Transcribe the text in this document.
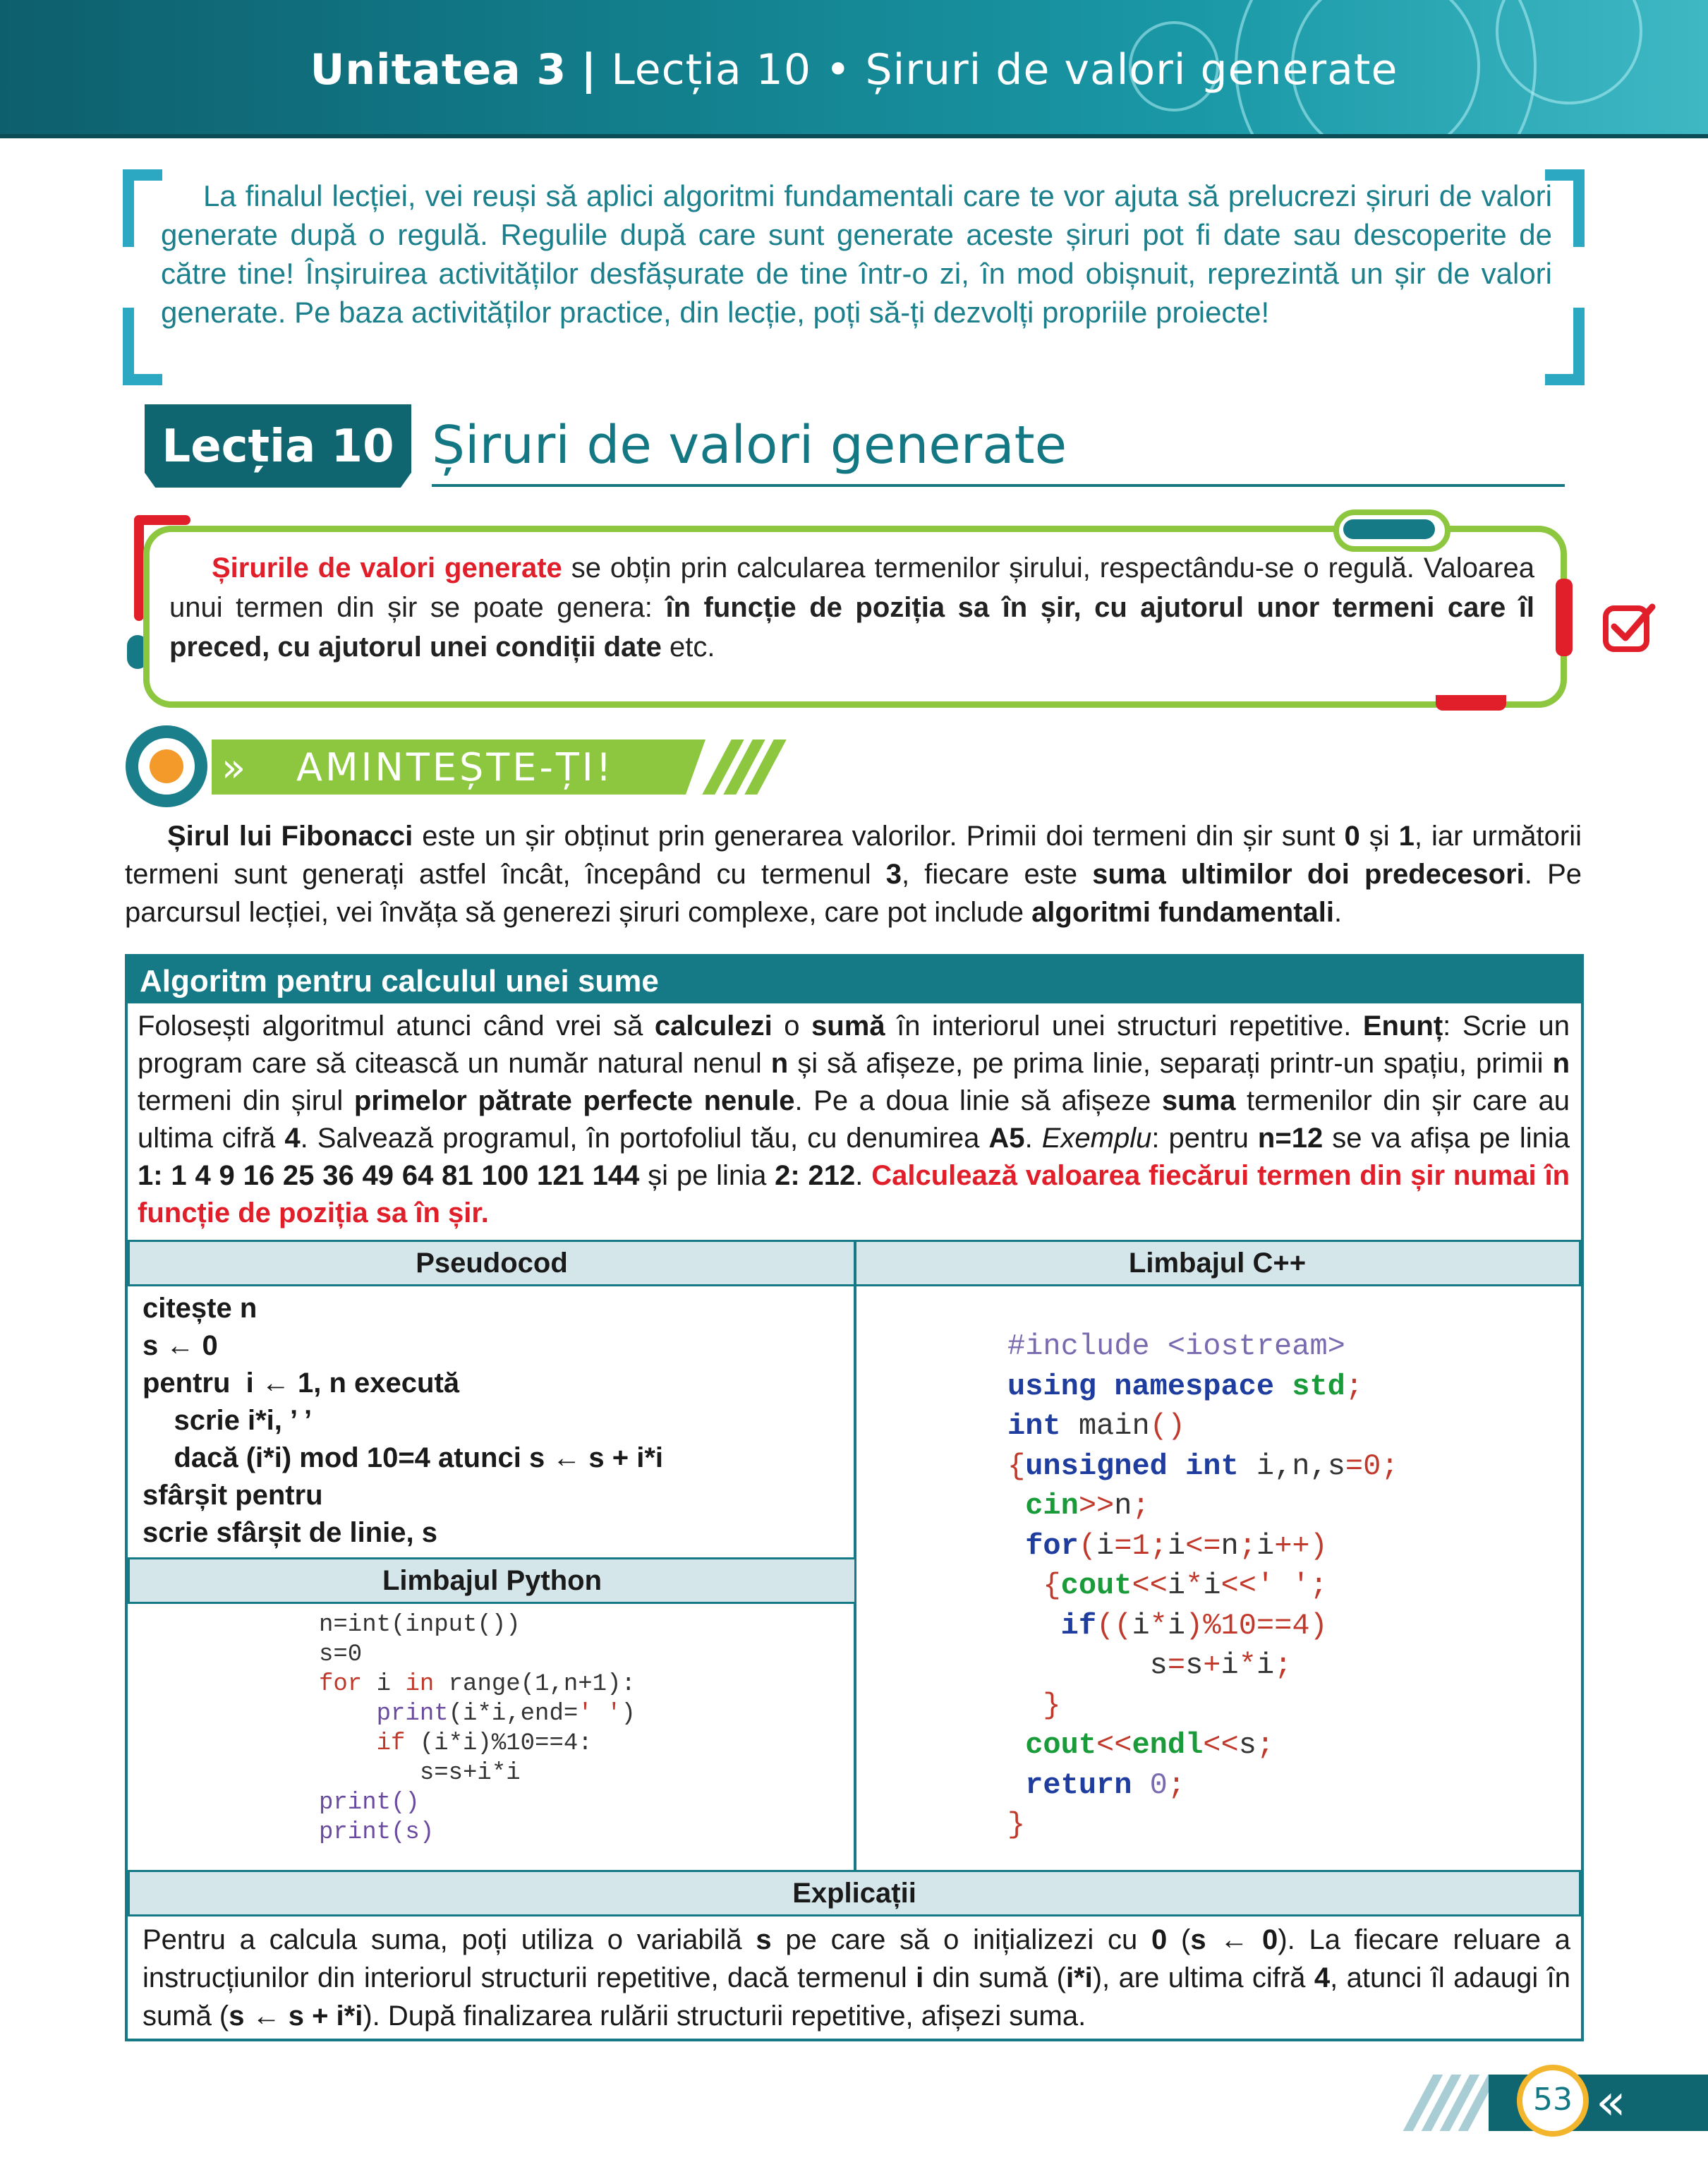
Unitatea 3 | Lecția 10 • Șiruri de valori generate
La finalul lecției, vei reuși să aplici algoritmi fundamentali care te vor ajuta să prelucrezi șiruri de valori generate după o regulă. Regulile după care sunt generate aceste șiruri pot fi date sau descoperite de către tine! Înșiruirea activităților desfășurate de tine într-o zi, în mod obișnuit, reprezintă un șir de valori generate. Pe baza activităților practice, din lecție, poți să-ți dezvolți propriile proiecte!
Lecția 10 Șiruri de valori generate
Șirurile de valori generate se obțin prin calcularea termenilor șirului, respectându-se o regulă. Valoarea unui termen din șir se poate genera: în funcție de poziția sa în șir, cu ajutorul unor termeni care îl preced, cu ajutorul unei condiții date etc.
» AMINTEȘTE-ȚI!
Șirul lui Fibonacci este un șir obținut prin generarea valorilor. Primii doi termeni din șir sunt 0 și 1, iar următorii termeni sunt generați astfel încât, începând cu termenul 3, fiecare este suma ultimilor doi predecesori. Pe parcursul lecției, vei învăța să generezi șiruri complexe, care pot include algoritmi fundamentali.
Algoritm pentru calculul unei sume
Folosești algoritmul atunci când vrei să calculezi o sumă în interiorul unei structuri repetitive. Enunț: Scrie un program care să citească un număr natural nenul n și să afișeze, pe prima linie, separați printr-un spațiu, primii n termeni din șirul primelor pătrate perfecte nenule. Pe a doua linie să afișeze suma termenilor din șir care au ultima cifră 4. Salvează programul, în portofoliul tău, cu denumirea A5. Exemplu: pentru n=12 se va afișa pe linia 1: 1 4 9 16 25 36 49 64 81 100 121 144 și pe linia 2: 212. Calculează valoarea fiecărui termen din șir numai în funcție de poziția sa în șir.
Pseudocod	Limbajul C++
citește n
s ← 0
pentru  i ← 1, n execută
scrie i*i, ’ ’
dacă (i*i) mod 10=4 atunci s ← s + i*i
sfârșit pentru
scrie sfârșit de linie, s
Limbajul Python
n=int(input())
s=0
for i in range(1,n+1):
print(i*i,end=' ')
if (i*i)%10==4:
s=s+i*i
print()
print(s)
#include <iostream>
using namespace std;
int main()
{unsigned int i,n,s=0;
cin>>n;
for(i=1;i<=n;i++)
{cout<<i*i<<' ';
if((i*i)%10==4)
s=s+i*i;
}
cout<<endl<<s;
return 0;
}
Explicații
Pentru a calcula suma, poți utiliza o variabilă s pe care să o inițializezi cu 0 (s ← 0). La fiecare reluare a instrucțiunilor din interiorul structurii repetitive, dacă termenul i din sumă (i*i), are ultima cifră 4, atunci îl adaugi în sumă (s ← s + i*i). După finalizarea rulării structurii repetitive, afișezi suma.
53 «
